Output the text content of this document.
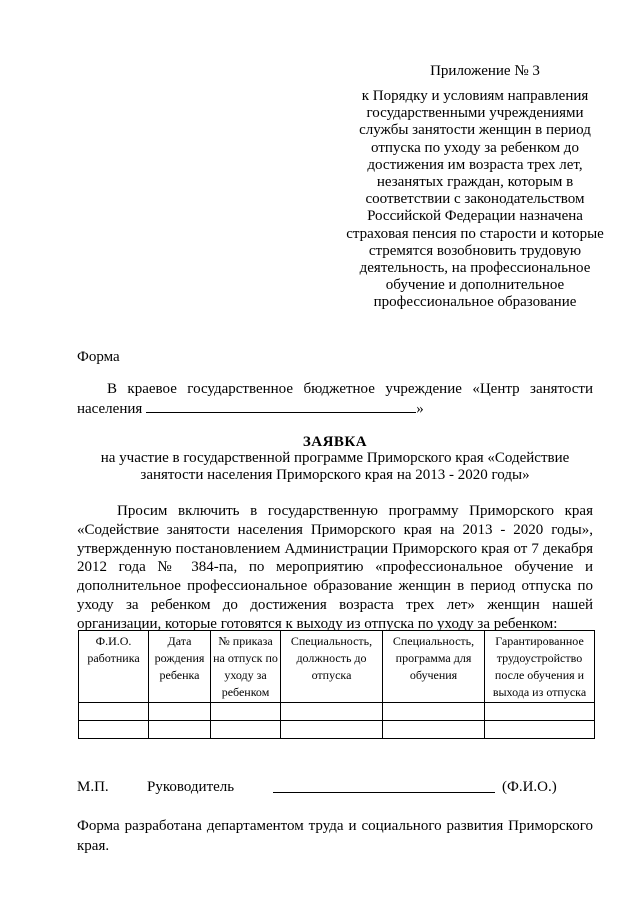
Приложение № 3
к Порядку и условиям направления государственными учреждениями службы занятости женщин в период отпуска по уходу за ребенком до достижения им возраста трех лет, незанятых граждан, которым в соответствии с законодательством Российской Федерации назначена страховая пенсия по старости и которые стремятся возобновить трудовую деятельность, на профессиональное обучение и дополнительное профессиональное образование
Форма
В краевое государственное бюджетное учреждение «Центр занятости населения	»
ЗАЯВКА
на участие в государственной программе Приморского края «Содействие занятости населения Приморского края на 2013 - 2020 годы»
Просим включить в государственную программу Приморского края «Содействие занятости населения Приморского края на 2013 - 2020 годы», утвержденную постановлением Администрации Приморского края от 7 декабря 2012 года № 384-па, по мероприятию «профессиональное обучение и дополнительное профессиональное образование женщин в период отпуска по уходу за ребенком до достижения возраста трех лет» женщин нашей организации, которые готовятся к выходу из отпуска по уходу за ребенком:
Ф.И.О. работника	Дата рождения ребенка	№ приказа на отпуск по уходу за ребенком	Специальность, должность до отпуска	Специальность, программа для обучения	Гарантированное трудоустройство после обучения и выхода из отпуска

М.П.	Руководитель	(Ф.И.О.)
Форма разработана департаментом труда и социального развития Приморского края.
